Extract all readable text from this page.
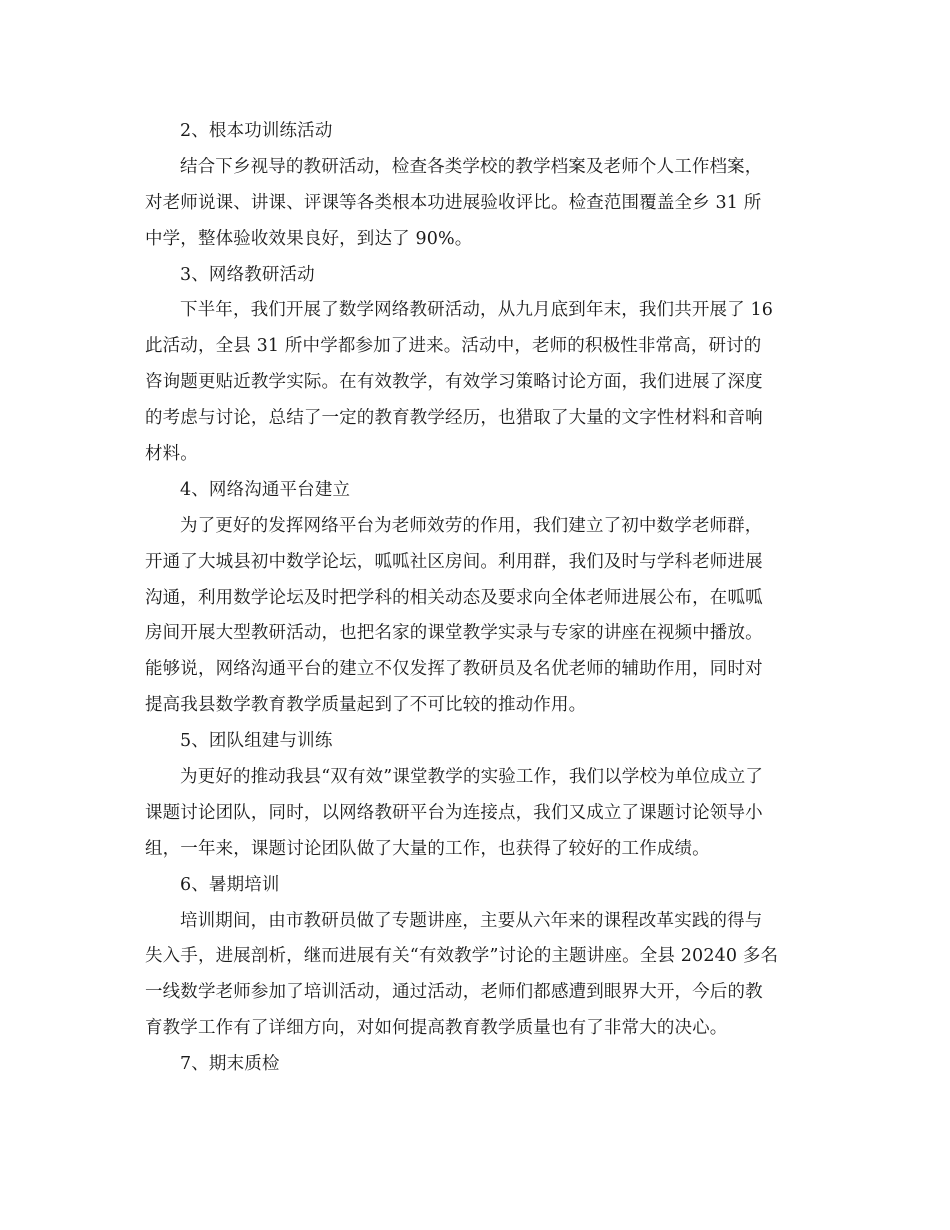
2、根本功训练活动
结合下乡视导的教研活动，检查各类学校的教学档案及老师个人工作档案，
对老师说课、讲课、评课等各类根本功进展验收评比。检查范围覆盖全乡 31 所
中学，整体验收效果良好，到达了 90%。
3、网络教研活动
下半年，我们开展了数学网络教研活动，从九月底到年末，我们共开展了 16
此活动，全县 31 所中学都参加了进来。活动中，老师的积极性非常高，研讨的
咨询题更贴近教学实际。在有效教学，有效学习策略讨论方面，我们进展了深度
的考虑与讨论，总结了一定的教育教学经历，也猎取了大量的文字性材料和音响
材料。
4、网络沟通平台建立
为了更好的发挥网络平台为老师效劳的作用，我们建立了初中数学老师群，
开通了大城县初中数学论坛，呱呱社区房间。利用群，我们及时与学科老师进展
沟通，利用数学论坛及时把学科的相关动态及要求向全体老师进展公布，在呱呱
房间开展大型教研活动，也把名家的课堂教学实录与专家的讲座在视频中播放。
能够说，网络沟通平台的建立不仅发挥了教研员及名优老师的辅助作用，同时对
提高我县数学教育教学质量起到了不可比较的推动作用。
5、团队组建与训练
为更好的推动我县“双有效”课堂教学的实验工作，我们以学校为单位成立了
课题讨论团队，同时，以网络教研平台为连接点，我们又成立了课题讨论领导小
组，一年来，课题讨论团队做了大量的工作，也获得了较好的工作成绩。
6、暑期培训
培训期间，由市教研员做了专题讲座，主要从六年来的课程改革实践的得与
失入手，进展剖析，继而进展有关“有效教学”讨论的主题讲座。全县 20240 多名
一线数学老师参加了培训活动，通过活动，老师们都感遭到眼界大开，今后的教
育教学工作有了详细方向，对如何提高教育教学质量也有了非常大的决心。
7、期末质检
